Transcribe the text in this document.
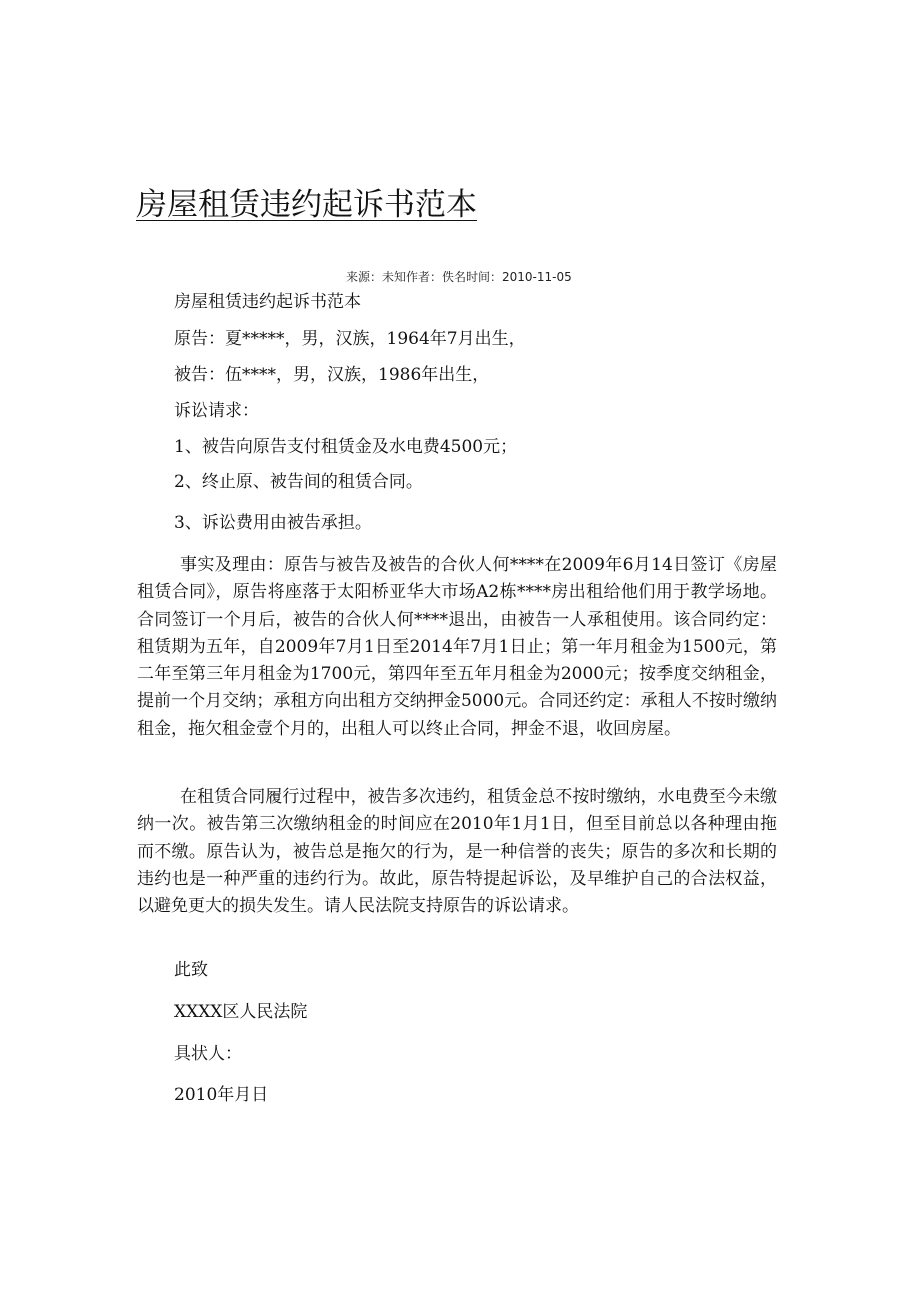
房屋租赁违约起诉书范本
来源：未知作者：佚名时间：2010-11-05
房屋租赁违约起诉书范本
原告：夏*****，男，汉族，1964年7月出生，
被告：伍****，男，汉族，1986年出生，
诉讼请求：
1、被告向原告支付租赁金及水电费4500元；
2、终止原、被告间的租赁合同。
3、诉讼费用由被告承担。
事实及理由：原告与被告及被告的合伙人何****在2009年6月14日签订《房屋租赁合同》，原告将座落于太阳桥亚华大市场A2栋****房出租给他们用于教学场地。合同签订一个月后，被告的合伙人何****退出，由被告一人承租使用。该合同约定：租赁期为五年，自2009年7月1日至2014年7月1日止；第一年月租金为1500元，第二年至第三年月租金为1700元，第四年至五年月租金为2000元；按季度交纳租金，提前一个月交纳；承租方向出租方交纳押金5000元。合同还约定：承租人不按时缴纳租金，拖欠租金壹个月的，出租人可以终止合同，押金不退，收回房屋。
在租赁合同履行过程中，被告多次违约，租赁金总不按时缴纳，水电费至今未缴纳一次。被告第三次缴纳租金的时间应在2010年1月1日，但至目前总以各种理由拖而不缴。原告认为，被告总是拖欠的行为，是一种信誉的丧失；原告的多次和长期的违约也是一种严重的违约行为。故此，原告特提起诉讼，及早维护自己的合法权益，以避免更大的损失发生。请人民法院支持原告的诉讼请求。
此致
XXXX区人民法院
具状人：
2010年月日
